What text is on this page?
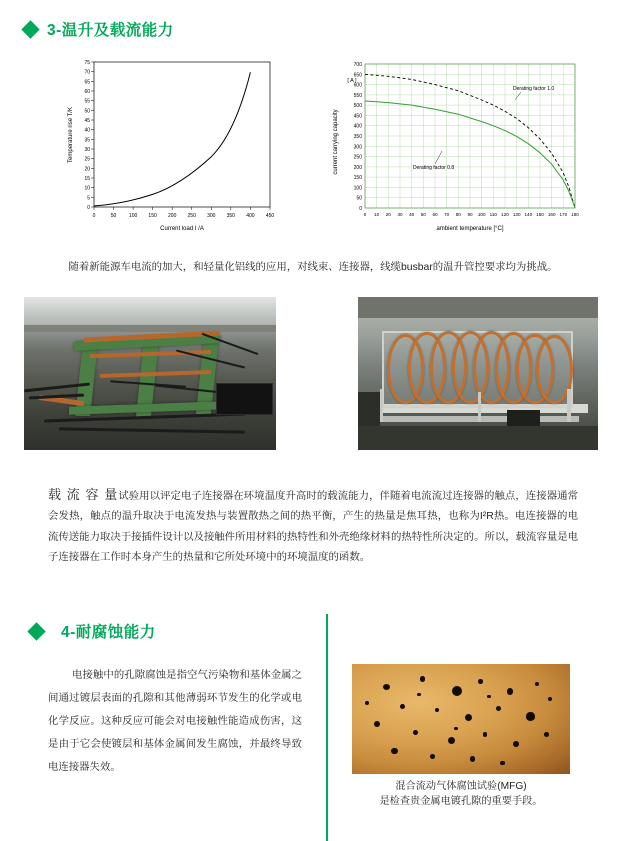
3-温升及载流能力
0
5
10
15
20
25
30
35
40
45
50
55
60
65
70
75
0	50	100 150 200 250 300 350 400 450
Current load I /A
Temperature rise T/K
700
650
600
550
500
450
400
350
300
250
200
150
100
50
0
0 10 20 30 40 50 60 70 80 90 100 110 120 130 140 150 160 170 180
ambient temperature [°C]
current carrying capacity
[ A ]
Derating factor 1.0
Derating factor 0.8
随着新能源车电流的加大，和轻量化铝线的应用，对线束、连接器，线缆busbar的温升管控要求均为挑战。
载 流 容 量试验用以评定电子连接器在环境温度升高时的载流能力，伴随着电流流过连接器的触点，连接器通常会发热，触点的温升取决于电流发热与装置散热之间的热平衡，产生的热量是焦耳热，也称为I²R热。电连接器的电流传送能力取决于接插件设计以及接触件所用材料的热特性和外壳绝缘材料的热特性所决定的。所以，载流容量是电子连接器在工作时本身产生的热量和它所处环境中的环境温度的函数。
4-耐腐蚀能力
电接触中的孔隙腐蚀是指空气污染物和基体金属之间通过镀层表面的孔隙和其他薄弱环节发生的化学或电化学反应。这种反应可能会对电接触性能造成伤害，这是由于它会使镀层和基体金属间发生腐蚀，并最终导致电连接器失效。
混合流动气体腐蚀试验(MFG)
是检查贵金属电镀孔隙的重要手段。
